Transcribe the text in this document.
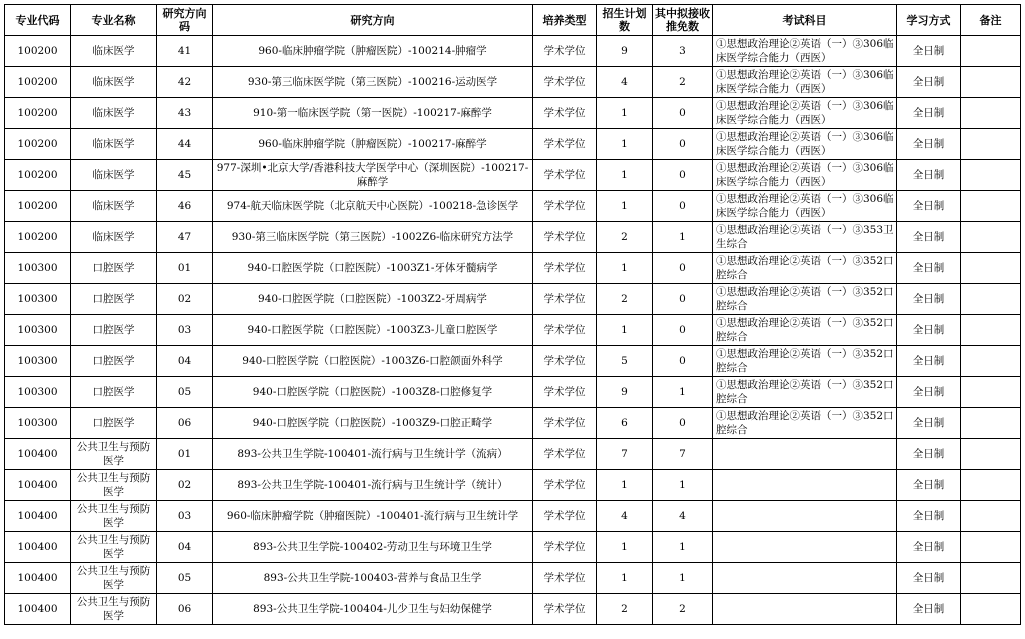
专业代码	专业名称	研究方向码	研究方向	培养类型	招生计划数	其中拟接收推免数	考试科目	学习方式	备注
100200	临床医学	41	960-临床肿瘤学院（肿瘤医院）-100214-肿瘤学	学术学位	9	3	①思想政治理论②英语（一）③306临床医学综合能力（西医）	全日制	
100200	临床医学	42	930-第三临床医学院（第三医院）-100216-运动医学	学术学位	4	2	①思想政治理论②英语（一）③306临床医学综合能力（西医）	全日制	
100200	临床医学	43	910-第一临床医学院（第一医院）-100217-麻醉学	学术学位	1	0	①思想政治理论②英语（一）③306临床医学综合能力（西医）	全日制	
100200	临床医学	44	960-临床肿瘤学院（肿瘤医院）-100217-麻醉学	学术学位	1	0	①思想政治理论②英语（一）③306临床医学综合能力（西医）	全日制	
100200	临床医学	45	977-深圳•北京大学/香港科技大学医学中心（深圳医院）-100217-麻醉学	学术学位	1	0	①思想政治理论②英语（一）③306临床医学综合能力（西医）	全日制	
100200	临床医学	46	974-航天临床医学院（北京航天中心医院）-100218-急诊医学	学术学位	1	0	①思想政治理论②英语（一）③306临床医学综合能力（西医）	全日制	
100200	临床医学	47	930-第三临床医学院（第三医院）-1002Z6-临床研究方法学	学术学位	2	1	①思想政治理论②英语（一）③353卫生综合	全日制	
100300	口腔医学	01	940-口腔医学院（口腔医院）-1003Z1-牙体牙髓病学	学术学位	1	0	①思想政治理论②英语（一）③352口腔综合	全日制	
100300	口腔医学	02	940-口腔医学院（口腔医院）-1003Z2-牙周病学	学术学位	2	0	①思想政治理论②英语（一）③352口腔综合	全日制	
100300	口腔医学	03	940-口腔医学院（口腔医院）-1003Z3-儿童口腔医学	学术学位	1	0	①思想政治理论②英语（一）③352口腔综合	全日制	
100300	口腔医学	04	940-口腔医学院（口腔医院）-1003Z6-口腔颌面外科学	学术学位	5	0	①思想政治理论②英语（一）③352口腔综合	全日制	
100300	口腔医学	05	940-口腔医学院（口腔医院）-1003Z8-口腔修复学	学术学位	9	1	①思想政治理论②英语（一）③352口腔综合	全日制	
100300	口腔医学	06	940-口腔医学院（口腔医院）-1003Z9-口腔正畸学	学术学位	6	0	①思想政治理论②英语（一）③352口腔综合	全日制	
100400	公共卫生与预防医学	01	893-公共卫生学院-100401-流行病与卫生统计学（流病）	学术学位	7	7		全日制	
100400	公共卫生与预防医学	02	893-公共卫生学院-100401-流行病与卫生统计学（统计）	学术学位	1	1		全日制	
100400	公共卫生与预防医学	03	960-临床肿瘤学院（肿瘤医院）-100401-流行病与卫生统计学	学术学位	4	4		全日制	
100400	公共卫生与预防医学	04	893-公共卫生学院-100402-劳动卫生与环境卫生学	学术学位	1	1		全日制	
100400	公共卫生与预防医学	05	893-公共卫生学院-100403-营养与食品卫生学	学术学位	1	1		全日制	
100400	公共卫生与预防医学	06	893-公共卫生学院-100404-儿少卫生与妇幼保健学	学术学位	2	2		全日制	
